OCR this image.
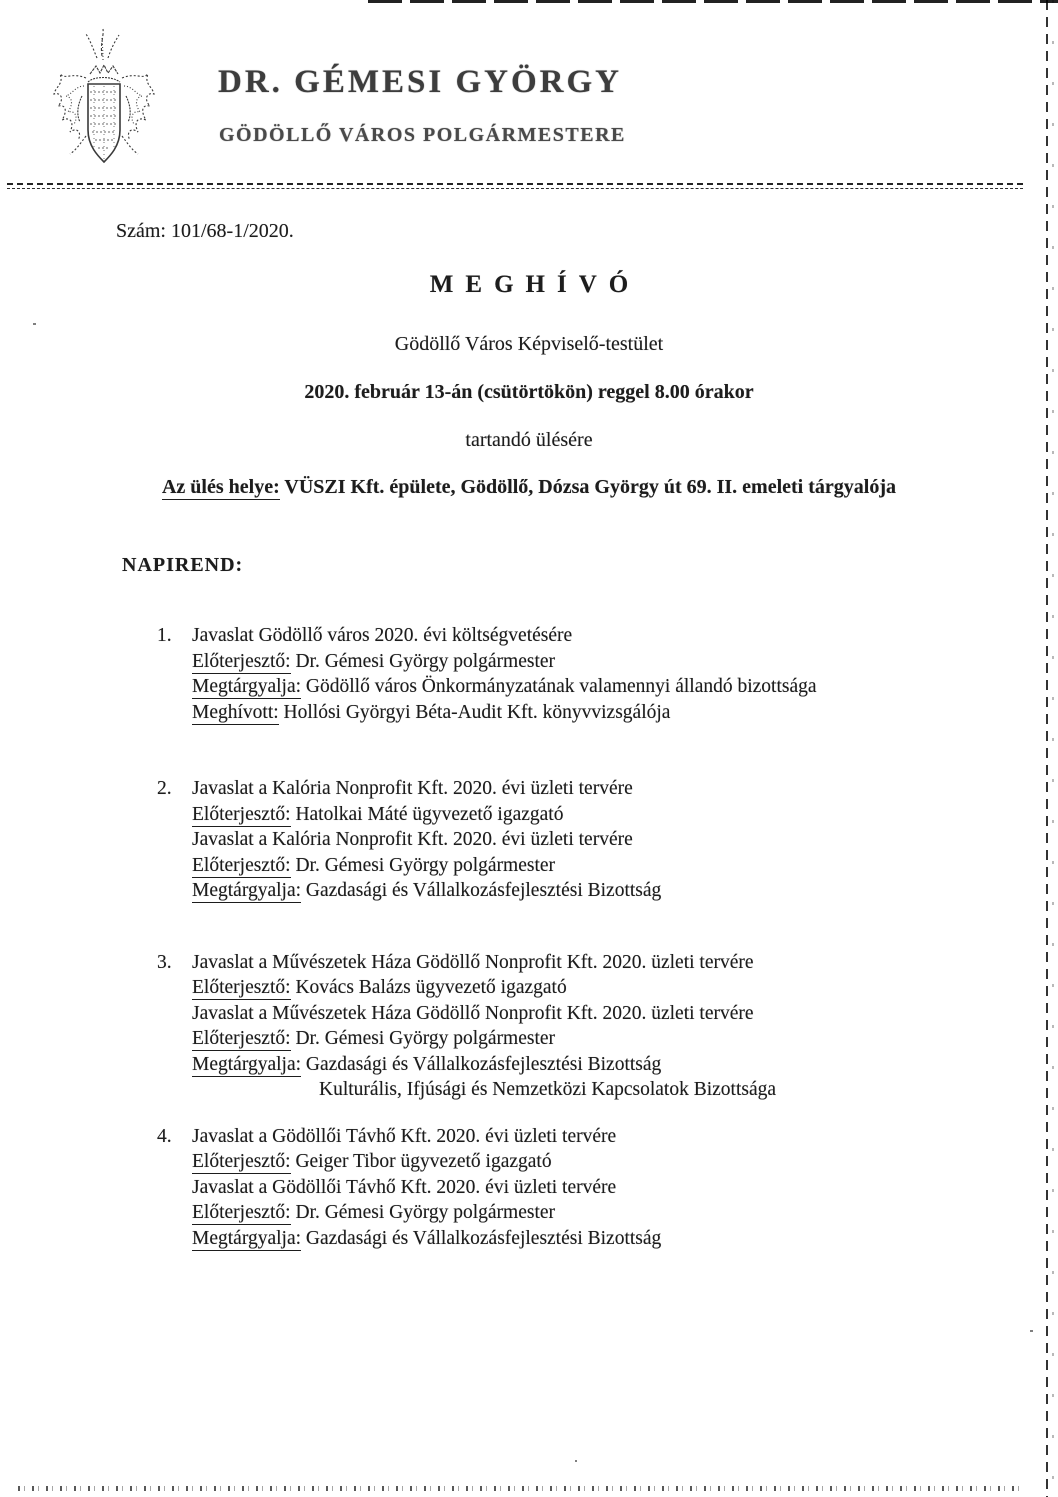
DR. GÉMESI GYÖRGY
GÖDÖLLŐ VÁROS POLGÁRMESTERE
Szám: 101/68-1/2020.
MEGHÍVÓ
Gödöllő Város Képviselő-testület
2020. február 13-án (csütörtökön) reggel 8.00 órakor
tartandó ülésére
Az ülés helye: VÜSZI Kft. épülete, Gödöllő, Dózsa György út 69. II. emeleti tárgyalója
NAPIREND:
1. Javaslat Gödöllő város 2020. évi költségvetésére
Előterjesztő: Dr. Gémesi György polgármester
Megtárgyalja: Gödöllő város Önkormányzatának valamennyi állandó bizottsága
Meghívott: Hollósi Györgyi Béta-Audit Kft. könyvvizsgálója
2. Javaslat a Kalória Nonprofit Kft. 2020. évi üzleti tervére
Előterjesztő: Hatolkai Máté ügyvezető igazgató
Javaslat a Kalória Nonprofit Kft. 2020. évi üzleti tervére
Előterjesztő: Dr. Gémesi György polgármester
Megtárgyalja: Gazdasági és Vállalkozásfejlesztési Bizottság
3. Javaslat a Művészetek Háza Gödöllő Nonprofit Kft. 2020. üzleti tervére
Előterjesztő: Kovács Balázs ügyvezető igazgató
Javaslat a Művészetek Háza Gödöllő Nonprofit Kft. 2020. üzleti tervére
Előterjesztő: Dr. Gémesi György polgármester
Megtárgyalja: Gazdasági és Vállalkozásfejlesztési Bizottság
Kulturális, Ifjúsági és Nemzetközi Kapcsolatok Bizottsága
4. Javaslat a Gödöllői Távhő Kft. 2020. évi üzleti tervére
Előterjesztő: Geiger Tibor ügyvezető igazgató
Javaslat a Gödöllői Távhő Kft. 2020. évi üzleti tervére
Előterjesztő: Dr. Gémesi György polgármester
Megtárgyalja: Gazdasági és Vállalkozásfejlesztési Bizottság
